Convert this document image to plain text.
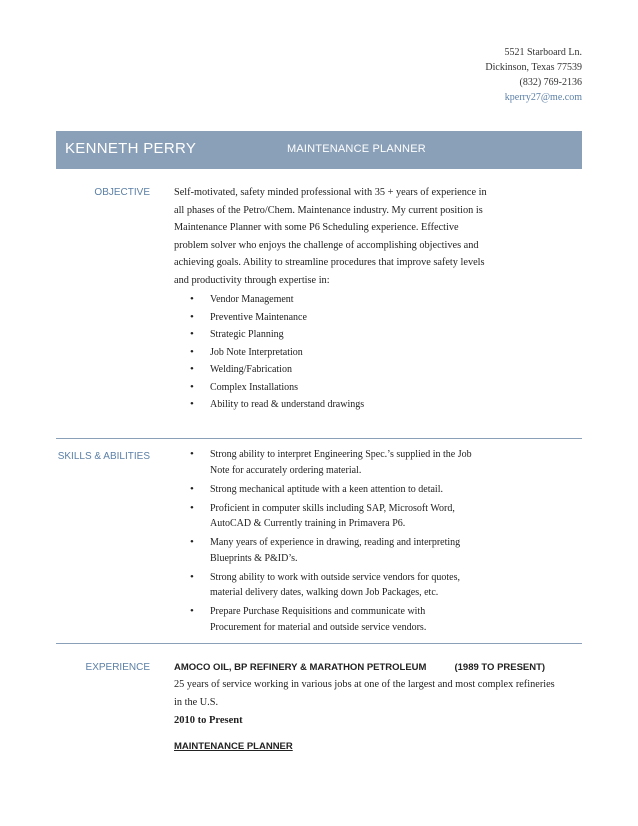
5521 Starboard Ln.
Dickinson, Texas 77539
(832) 769-2136
kperry27@me.com
KENNETH PERRY	MAINTENANCE PLANNER
OBJECTIVE Self-motivated, safety minded professional with 35 + years of experience in
all phases of the Petro/Chem. Maintenance industry. My current position is
Maintenance Planner with some P6 Scheduling experience. Effective
problem solver who enjoys the challenge of accomplishing objectives and
achieving goals. Ability to streamline procedures that improve safety levels
and productivity through expertise in:
• Vendor Management
• Preventive Maintenance
• Strategic Planning
• Job Note Interpretation
• Welding/Fabrication
• Complex Installations
• Ability to read & understand drawings
SKILLS & ABILITIES
•	Strong ability to interpret Engineering Spec.’s supplied in the Job
Note for accurately ordering material.
• Strong mechanical aptitude with a keen attention to detail.
• Proficient in computer skills including SAP, Microsoft Word,
AutoCAD & Currently training in Primavera P6.
• Many years of experience in drawing, reading and interpreting
Blueprints & P&ID’s.
• Strong ability to work with outside service vendors for quotes,
material delivery dates, walking down Job Packages, etc.
• Prepare Purchase Requisitions and communicate with
Procurement for material and outside service vendors.
EXPERIENCE	AMOCO OIL, BP REFINERY & MARATHON PETROLEUM	(1989 TO PRESENT)
25 years of service working in various jobs at one of the largest and most complex refineries
in the U.S.
2010 to Present
MAINTENANCE PLANNER
